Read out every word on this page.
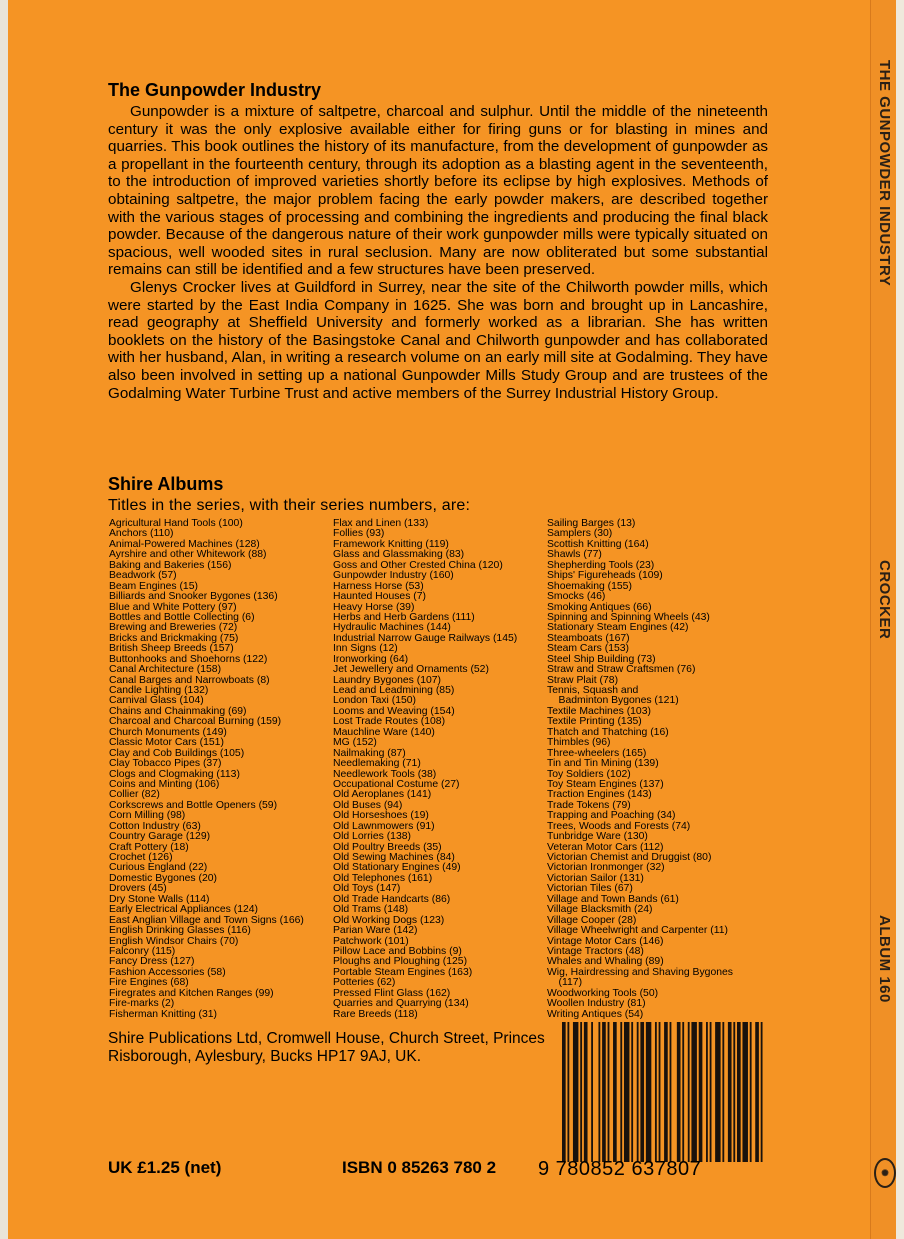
THE GUNPOWDER INDUSTRY
CROCKER
ALBUM 160
✺
The Gunpowder Industry

Gunpowder is a mixture of saltpetre, charcoal and sulphur. Until the middle of the nineteenth century it was the only explosive available either for firing guns or for blasting in mines and quarries. This book outlines the history of its manufacture, from the development of gunpowder as a propellant in the fourteenth century, through its adoption as a blasting agent in the seventeenth, to the introduction of improved varieties shortly before its eclipse by high explosives. Methods of obtaining saltpetre, the major problem facing the early powder makers, are described together with the various stages of processing and combining the ingredients and producing the final black powder. Because of the dangerous nature of their work gunpowder mills were typically situated on spacious, well wooded sites in rural seclusion. Many are now obliterated but some substantial remains can still be identified and a few structures have been preserved.

Glenys Crocker lives at Guildford in Surrey, near the site of the Chilworth powder mills, which were started by the East India Company in 1625. She was born and brought up in Lancashire, read geography at Sheffield University and formerly worked as a librarian. She has written booklets on the history of the Basingstoke Canal and Chilworth gunpowder and has collaborated with her husband, Alan, in writing a research volume on an early mill site at Godalming. They have also been involved in setting up a national Gunpowder Mills Study Group and are trustees of the Godalming Water Turbine Trust and active members of the Surrey Industrial History Group.

Shire Albums
Titles in the series, with their series numbers, are:
Agricultural Hand Tools (100)
Anchors (110)
Animal-Powered Machines (128)
Ayrshire and other Whitework (88)
Baking and Bakeries (156)
Beadwork (57)
Beam Engines (15)
Billiards and Snooker Bygones (136)
Blue and White Pottery (97)
Bottles and Bottle Collecting (6)
Brewing and Breweries (72)
Bricks and Brickmaking (75)
British Sheep Breeds (157)
Buttonhooks and Shoehorns (122)
Canal Architecture (158)
Canal Barges and Narrowboats (8)
Candle Lighting (132)
Carnival Glass (104)
Chains and Chainmaking (69)
Charcoal and Charcoal Burning (159)
Church Monuments (149)
Classic Motor Cars (151)
Clay and Cob Buildings (105)
Clay Tobacco Pipes (37)
Clogs and Clogmaking (113)
Coins and Minting (106)
Collier (82)
Corkscrews and Bottle Openers (59)
Corn Milling (98)
Cotton Industry (63)
Country Garage (129)
Craft Pottery (18)
Crochet (126)
Curious England (22)
Domestic Bygones (20)
Drovers (45)
Dry Stone Walls (114)
Early Electrical Appliances (124)
East Anglian Village and Town Signs (166)
English Drinking Glasses (116)
English Windsor Chairs (70)
Falconry (115)
Fancy Dress (127)
Fashion Accessories (58)
Fire Engines (68)
Firegrates and Kitchen Ranges (99)
Fire-marks (2)
Fisherman Knitting (31)
Flax and Linen (133)
Follies (93)
Framework Knitting (119)
Glass and Glassmaking (83)
Goss and Other Crested China (120)
Gunpowder Industry (160)
Harness Horse (53)
Haunted Houses (7)
Heavy Horse (39)
Herbs and Herb Gardens (111)
Hydraulic Machines (144)
Industrial Narrow Gauge Railways (145)
Inn Signs (12)
Ironworking (64)
Jet Jewellery and Ornaments (52)
Laundry Bygones (107)
Lead and Leadmining (85)
London Taxi (150)
Looms and Weaving (154)
Lost Trade Routes (108)
Mauchline Ware (140)
MG (152)
Nailmaking (87)
Needlemaking (71)
Needlework Tools (38)
Occupational Costume (27)
Old Aeroplanes (141)
Old Buses (94)
Old Horseshoes (19)
Old Lawnmowers (91)
Old Lorries (138)
Old Poultry Breeds (35)
Old Sewing Machines (84)
Old Stationary Engines (49)
Old Telephones (161)
Old Toys (147)
Old Trade Handcarts (86)
Old Trams (148)
Old Working Dogs (123)
Parian Ware (142)
Patchwork (101)
Pillow Lace and Bobbins (9)
Ploughs and Ploughing (125)
Portable Steam Engines (163)
Potteries (62)
Pressed Flint Glass (162)
Quarries and Quarrying (134)
Rare Breeds (118)
Sailing Barges (13)
Samplers (30)
Scottish Knitting (164)
Shawls (77)
Shepherding Tools (23)
Ships' Figureheads (109)
Shoemaking (155)
Smocks (46)
Smoking Antiques (66)
Spinning and Spinning Wheels (43)
Stationary Steam Engines (42)
Steamboats (167)
Steam Cars (153)
Steel Ship Building (73)
Straw and Straw Craftsmen (76)
Straw Plait (78)
Tennis, Squash and
Badminton Bygones (121)
Textile Machines (103)
Textile Printing (135)
Thatch and Thatching (16)
Thimbles (96)
Three-wheelers (165)
Tin and Tin Mining (139)
Toy Soldiers (102)
Toy Steam Engines (137)
Traction Engines (143)
Trade Tokens (79)
Trapping and Poaching (34)
Trees, Woods and Forests (74)
Tunbridge Ware (130)
Veteran Motor Cars (112)
Victorian Chemist and Druggist (80)
Victorian Ironmonger (32)
Victorian Sailor (131)
Victorian Tiles (67)
Village and Town Bands (61)
Village Blacksmith (24)
Village Cooper (28)
Village Wheelwright and Carpenter (11)
Vintage Motor Cars (146)
Vintage Tractors (48)
Whales and Whaling (89)
Wig, Hairdressing and Shaving Bygones
(117)
Woodworking Tools (50)
Woollen Industry (81)
Writing Antiques (54)

Shire Publications Ltd, Cromwell House, Church Street, Princes Risborough, Aylesbury, Bucks HP17 9AJ, UK.

UK £1.25 (net)	ISBN 0 85263 780 2 9 780852 637807
